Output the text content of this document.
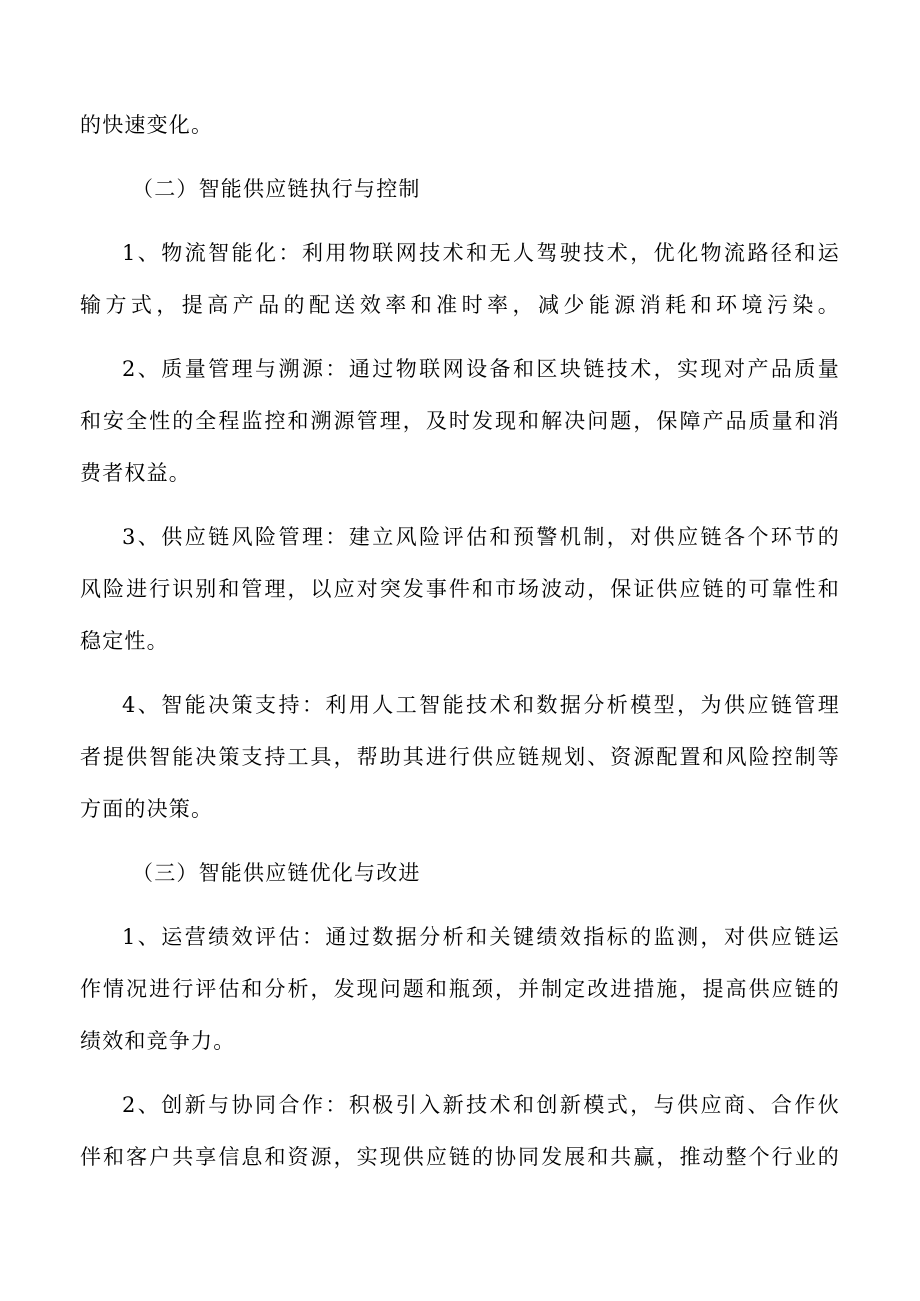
的快速变化。
（二）智能供应链执行与控制
1、物流智能化：利用物联网技术和无人驾驶技术，优化物流路径和运
输方式，提高产品的配送效率和准时率，减少能源消耗和环境污染。
2、质量管理与溯源：通过物联网设备和区块链技术，实现对产品质量
和安全性的全程监控和溯源管理，及时发现和解决问题，保障产品质量和消
费者权益。
3、供应链风险管理：建立风险评估和预警机制，对供应链各个环节的
风险进行识别和管理，以应对突发事件和市场波动，保证供应链的可靠性和
稳定性。
4、智能决策支持：利用人工智能技术和数据分析模型，为供应链管理
者提供智能决策支持工具，帮助其进行供应链规划、资源配置和风险控制等
方面的决策。
（三）智能供应链优化与改进
1、运营绩效评估：通过数据分析和关键绩效指标的监测，对供应链运
作情况进行评估和分析，发现问题和瓶颈，并制定改进措施，提高供应链的
绩效和竞争力。
2、创新与协同合作：积极引入新技术和创新模式，与供应商、合作伙
伴和客户共享信息和资源，实现供应链的协同发展和共赢，推动整个行业的
